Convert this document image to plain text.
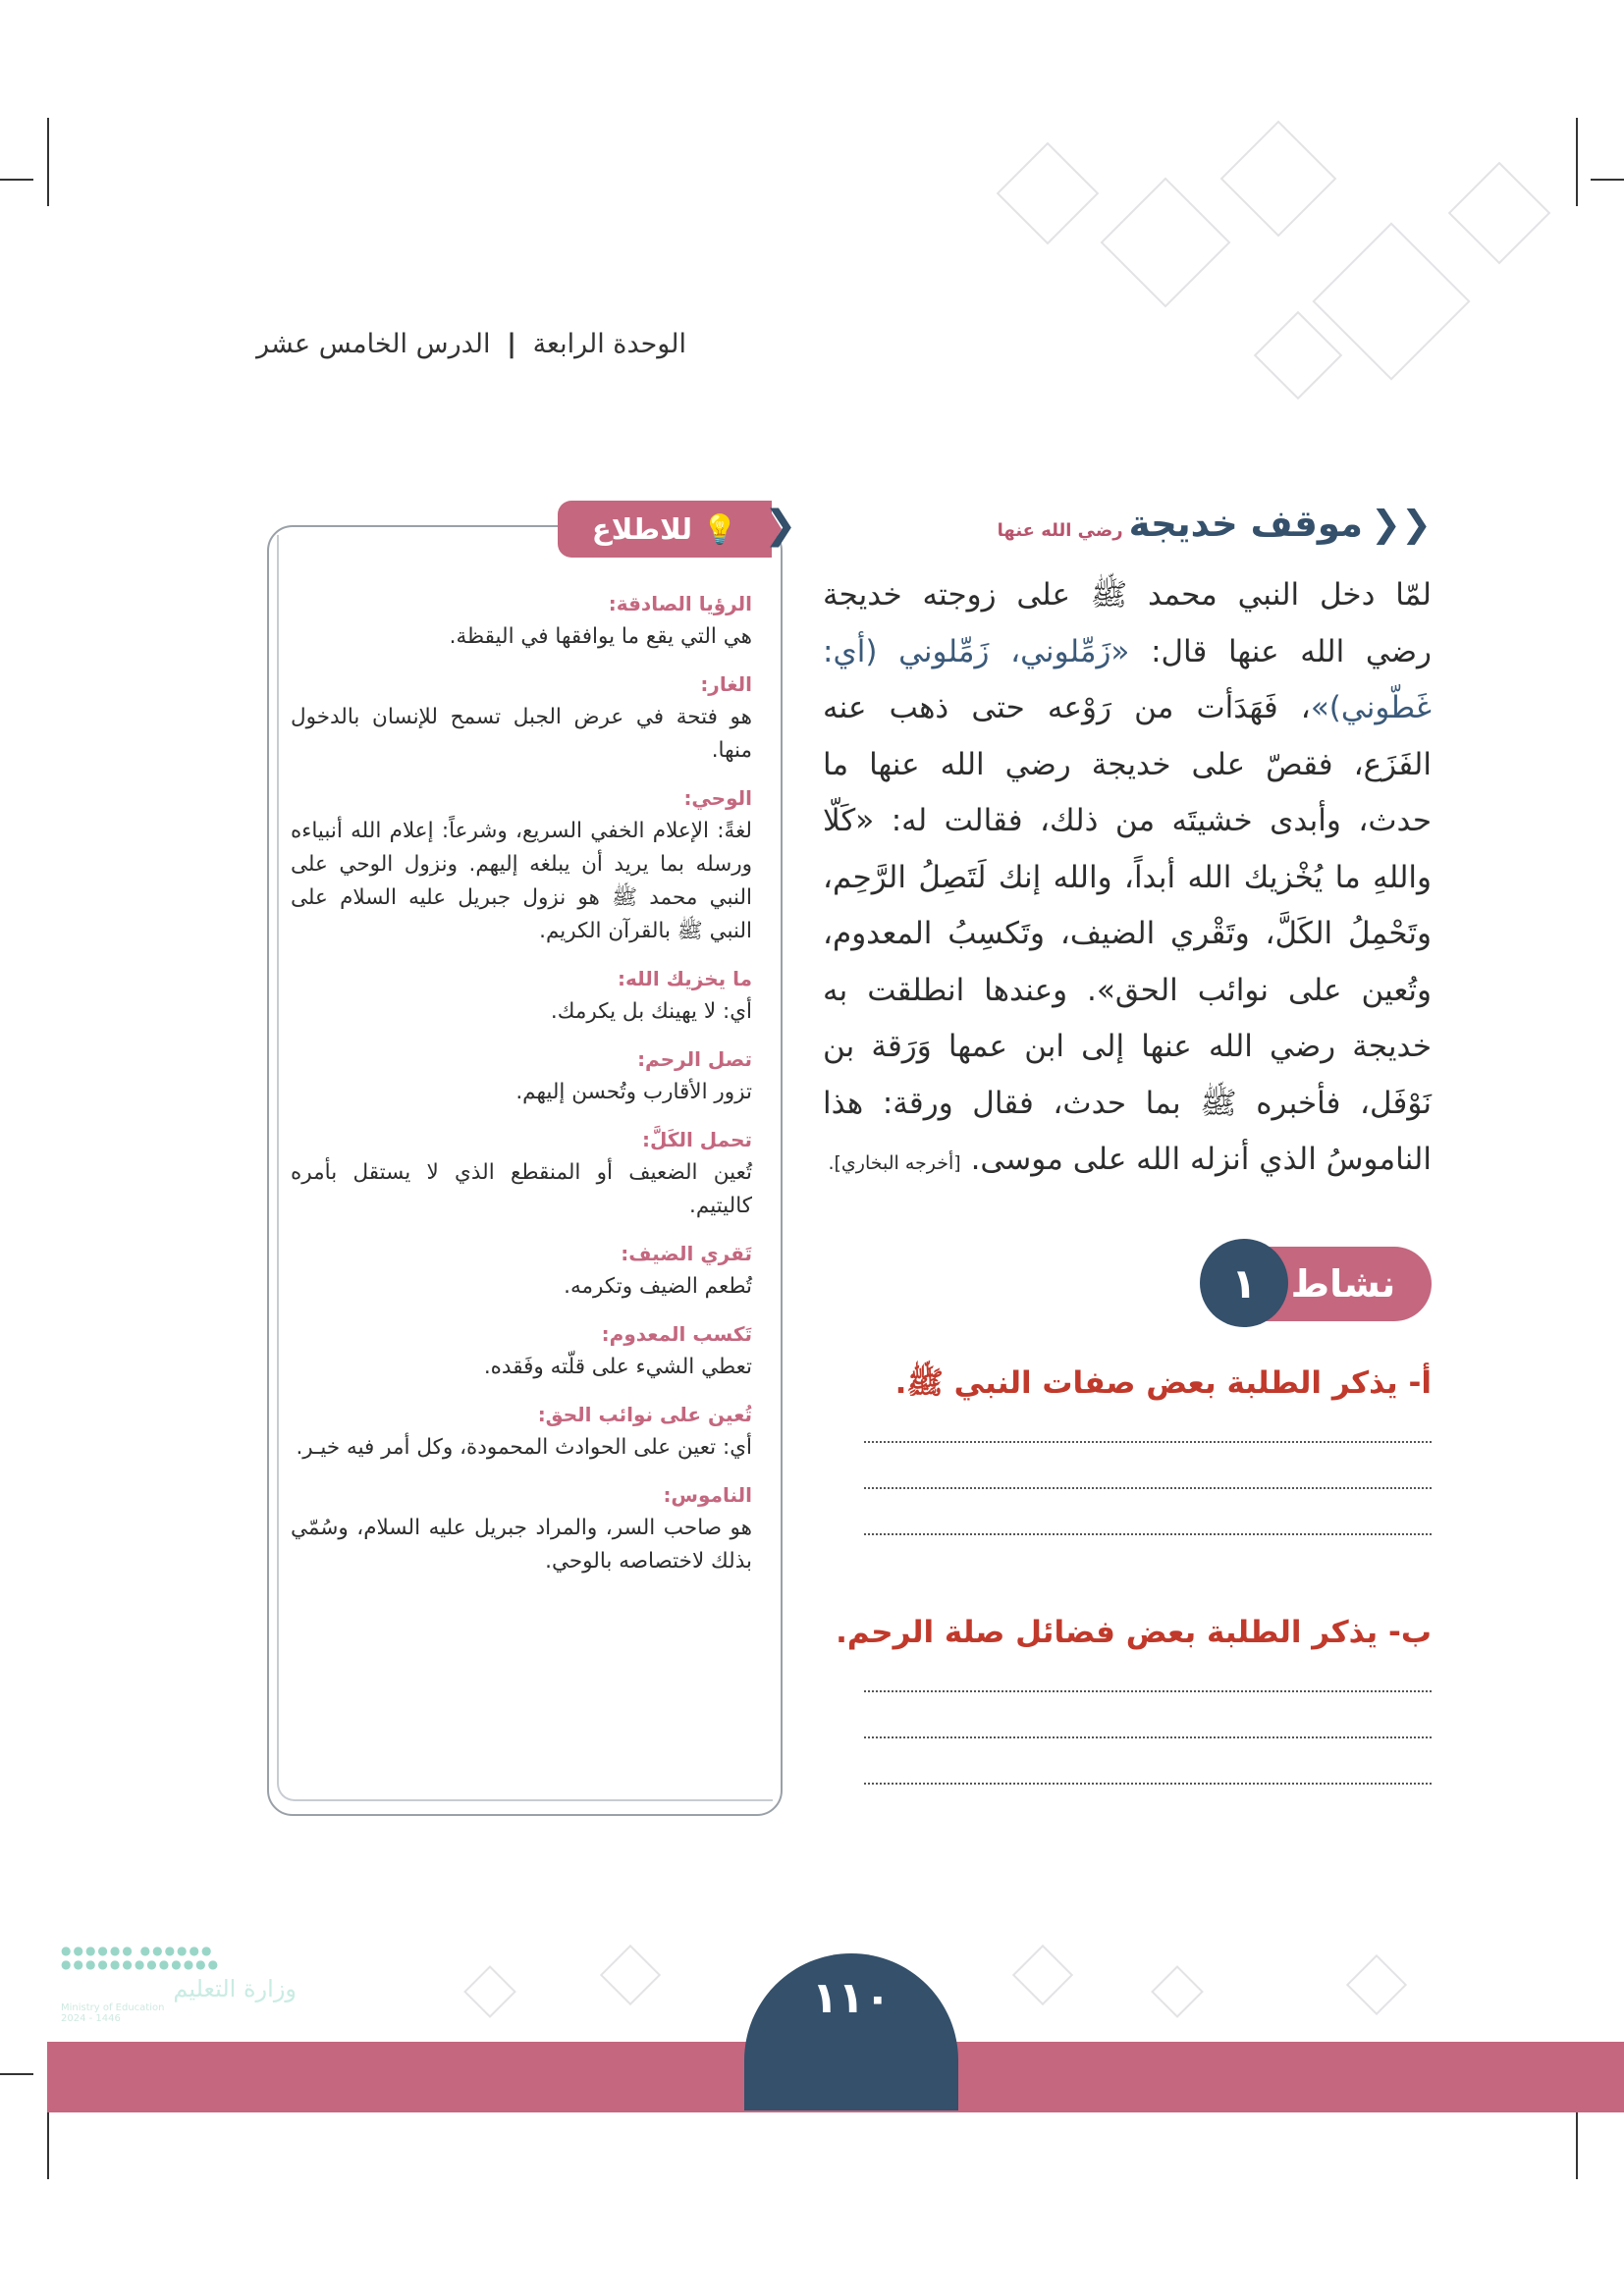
الوحدة الرابعة | الدرس الخامس عشر
❮❮موقف خديجةرضي الله عنها
لمّا دخل النبي محمد ﷺ على زوجته خديجة رضي الله عنها قال: «زَمِّلوني، زَمِّلوني (أي: غَطّوني)»، فَهَدَأت من رَوْعه حتى ذهب عنه الفَزَع، فقصّ على خديجة رضي الله عنها ما حدث، وأبدى خشيتَه من ذلك، فقالت له: «كَلّا واللهِ ما يُخْزيك الله أبداً، والله إنك لَتَصِلُ الرَّحِم، وتَحْمِلُ الكَلَّ، وتَقْري الضيف، وتَكسِبُ المعدوم، وتُعين على نوائب الحق». وعندها انطلقت به خديجة رضي الله عنها إلى ابن عمها وَرَقة بن نَوْفَل، فأخبره ﷺ بما حدث، فقال ورقة: هذا الناموسُ الذي أنزله الله على موسى. [أخرجه البخاري].
نشاط
١
أ- يذكر الطلبة بعض صفات النبي ﷺ.
ب- يذكر الطلبة بعض فضائل صلة الرحم.
💡
للاطلاع ❯
الرؤيا الصادقة:
هي التي يقع ما يوافقها في اليقظة.
الغار:
هو فتحة في عرض الجبل تسمح للإنسان بالدخول منها.
الوحي:
لغةً: الإعلام الخفي السريع، وشرعاً: إعلام الله أنبياءه ورسله بما يريد أن يبلغه إليهم. ونزول الوحي على النبي محمد ﷺ هو نزول جبريل عليه السلام على النبي ﷺ بالقرآن الكريم.
ما يخزيك الله:
أي: لا يهينك بل يكرمك.
تصل الرحم:
تزور الأقارب وتُحسن إليهم.
تحمل الكَلَّ:
تُعين الضعيف أو المنقطع الذي لا يستقل بأمره كاليتيم.
تَقري الضيف:
تُطعم الضيف وتكرمه.
تَكسب المعدوم:
تعطي الشيء على قلّته وفَقده.
تُعين على نوائب الحق:
أي: تعين على الحوادث المحمودة، وكل أمر فيه خيـر.
الناموس:
هو صاحب السر، والمراد جبريل عليه السلام، وسُمّي بذلك لاختصاصه بالوحي.
١١٠
●●●●●● ●●●●●●
●●●●●●●●●●●●●
وزارة التعليم
Ministry of Education
2024 - 1446
